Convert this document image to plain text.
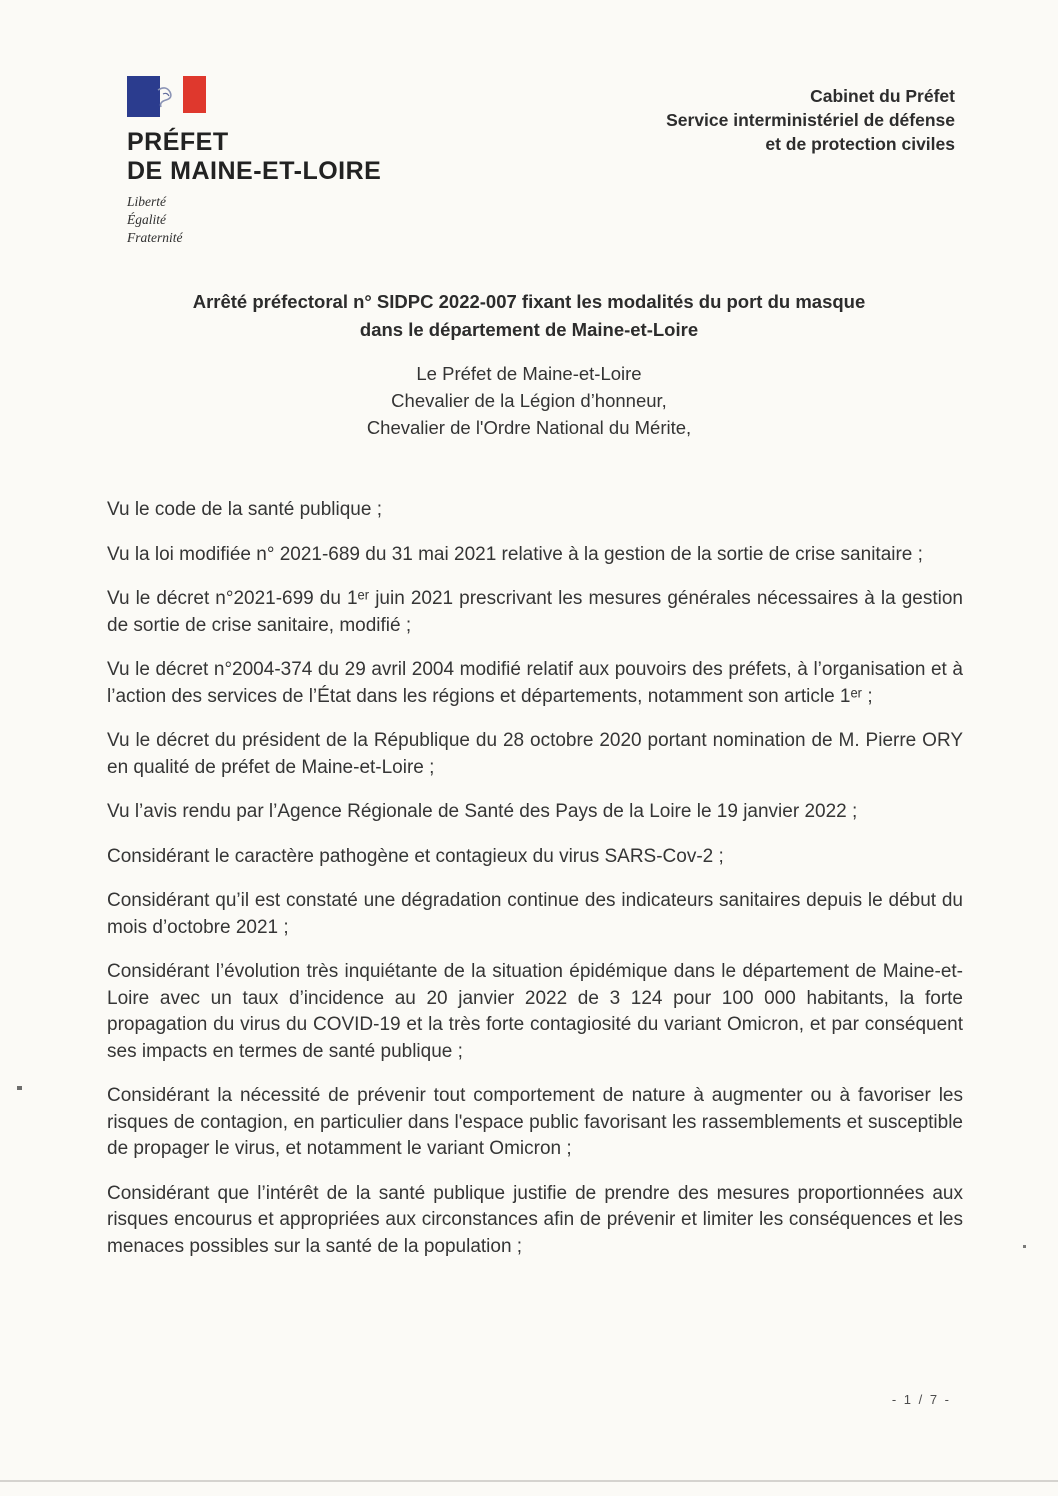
PRÉFET
DE MAINE-ET-LOIRE
Liberté
Égalité
Fraternité
Cabinet du Préfet
Service interministériel de défense
et de protection civiles
Arrêté préfectoral n° SIDPC 2022-007 fixant les modalités du port du masque
dans le département de Maine-et-Loire
Le Préfet de Maine-et-Loire
Chevalier de la Légion d’honneur,
Chevalier de l'Ordre National du Mérite,

Vu le code de la santé publique ;

Vu la loi modifiée n° 2021-689 du 31 mai 2021 relative à la gestion de la sortie de crise sanitaire ;

Vu le décret n°2021-699 du 1ᵉʳ juin 2021 prescrivant les mesures générales nécessaires à la gestion de sortie de crise sanitaire, modifié ;

Vu le décret n°2004-374 du 29 avril 2004 modifié relatif aux pouvoirs des préfets, à l’organisation et à l’action des services de l’État dans les régions et départements, notamment son article 1ᵉʳ ;

Vu le décret du président de la République du 28 octobre 2020 portant nomination de M. Pierre ORY en qualité de préfet de Maine-et-Loire ;

Vu l’avis rendu par l’Agence Régionale de Santé des Pays de la Loire le 19 janvier 2022 ;

Considérant le caractère pathogène et contagieux du virus SARS-Cov-2 ;

Considérant qu’il est constaté une dégradation continue des indicateurs sanitaires depuis le début du mois d’octobre 2021 ;

Considérant l’évolution très inquiétante de la situation épidémique dans le département de Maine-et-Loire avec un taux d’incidence au 20 janvier 2022 de 3 124 pour 100 000 habitants, la forte propagation du virus du COVID-19 et la très forte contagiosité du variant Omicron, et par conséquent ses impacts en termes de santé publique ;

Considérant la nécessité de prévenir tout comportement de nature à augmenter ou à favoriser les risques de contagion, en particulier dans l'espace public favorisant les rassemblements et susceptible de propager le virus, et notamment le variant Omicron ;

Considérant que l’intérêt de la santé publique justifie de prendre des mesures proportionnées aux risques encourus et appropriées aux circonstances afin de prévenir et limiter les conséquences et les menaces possibles sur la santé de la population ;

- 1 / 7 -
